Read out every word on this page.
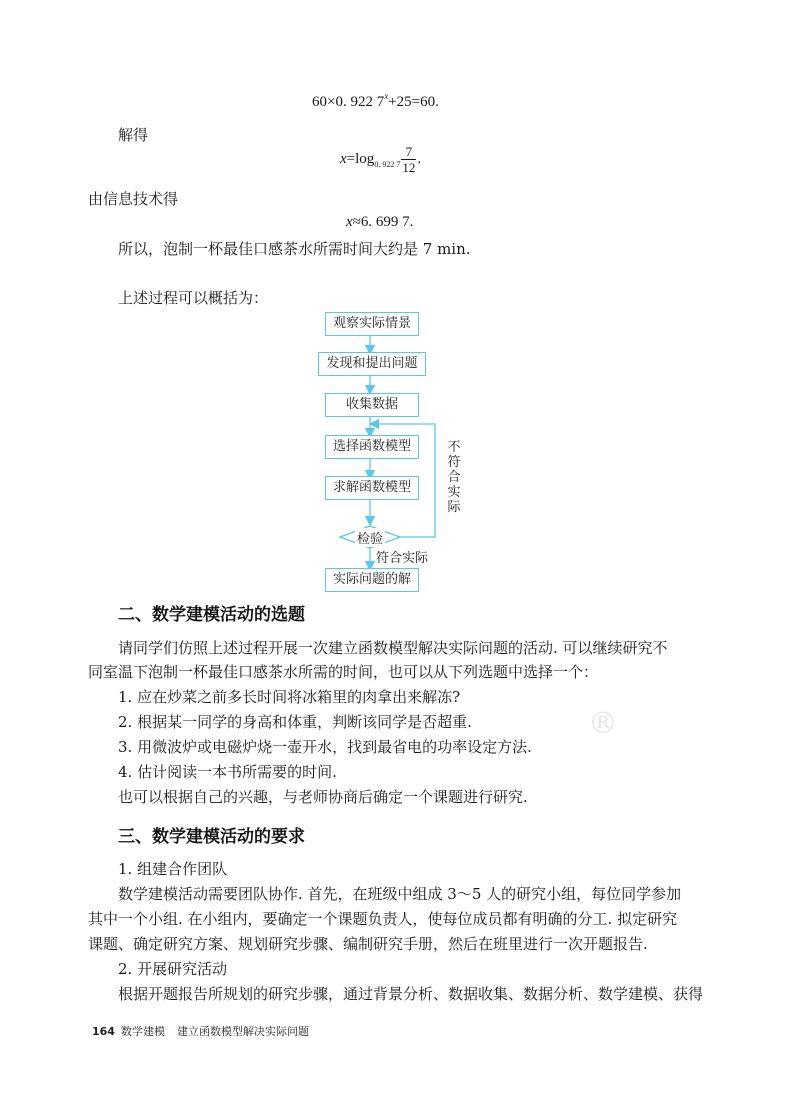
60×0. 922 $7^x+25=60$.
解得
$x=\log_{0. 922 7} \frac{7}{12}$ .
由信息技术得
x≈6. 699 7.
所以，泡制一杯最佳口感茶水所需时间大约是 7 min.
上述过程可以概括为：
观察实际情景
发现和提出问题
收集数据
选择函数模型
求解函数模型
检验
实际问题的解
不
符
合
实
际
符合实际
®
二、数学建模活动的选题
请同学们仿照上述过程开展一次建立函数模型解决实际问题的活动. 可以继续研究不
同室温下泡制一杯最佳口感茶水所需的时间，也可以从下列选题中选择一个：
1. 应在炒菜之前多长时间将冰箱里的肉拿出来解冻?
2. 根据某一同学的身高和体重，判断该同学是否超重.
3. 用微波炉或电磁炉烧一壶开水，找到最省电的功率设定方法.
4. 估计阅读一本书所需要的时间.
也可以根据自己的兴趣，与老师协商后确定一个课题进行研究.
三、数学建模活动的要求
1. 组建合作团队
数学建模活动需要团队协作. 首先，在班级中组成 3～5 人的研究小组，每位同学参加
其中一个小组. 在小组内，要确定一个课题负责人，使每位成员都有明确的分工. 拟定研究
课题、确定研究方案、规划研究步骤、编制研究手册，然后在班里进行一次开题报告.
2. 开展研究活动
根据开题报告所规划的研究步骤，通过背景分析、数据收集、数据分析、数学建模、获得
164 数学建模 建立函数模型解决实际问题
